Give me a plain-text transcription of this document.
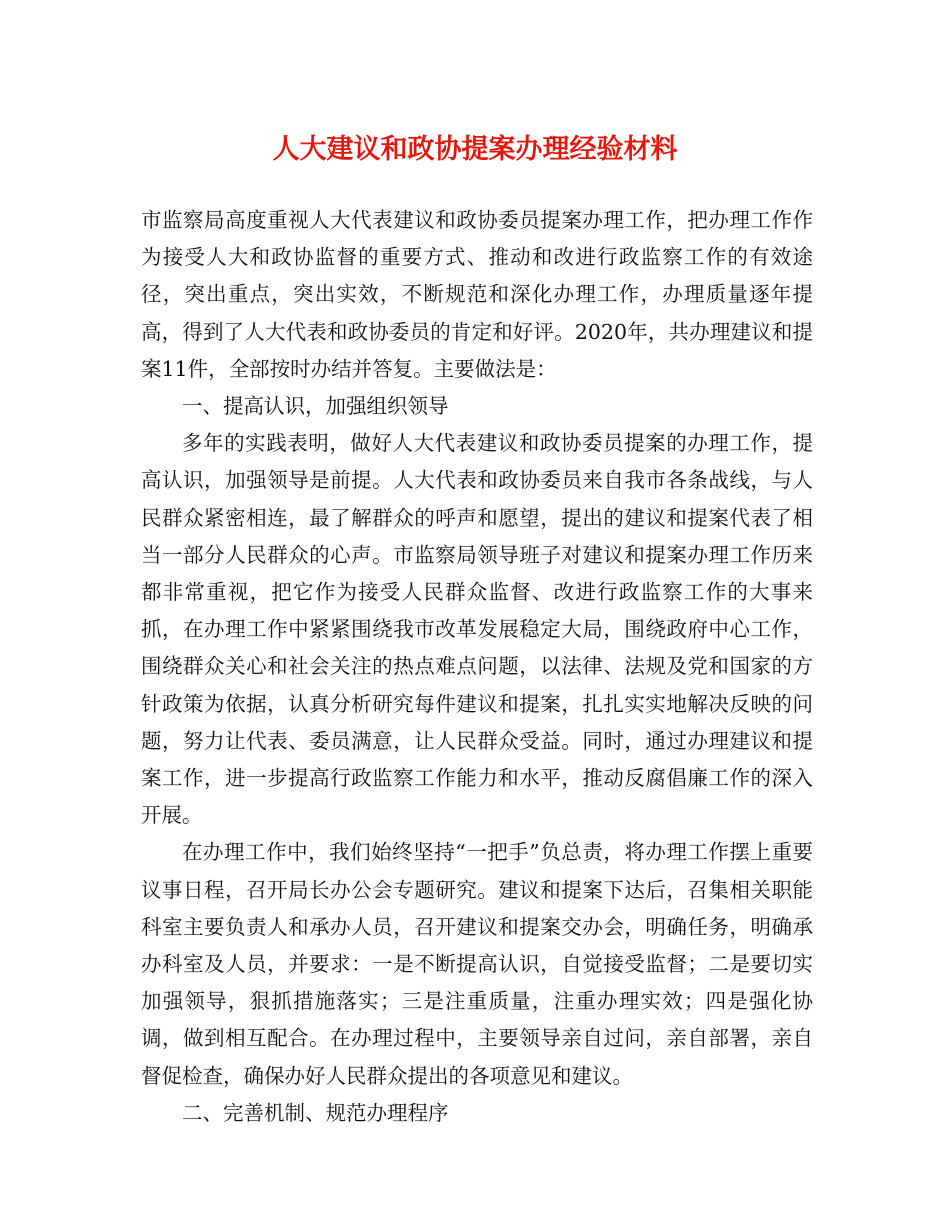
人大建议和政协提案办理经验材料

市监察局高度重视人大代表建议和政协委员提案办理工作，把办理工作作为接受人大和政协监督的重要方式、推动和改进行政监察工作的有效途径，突出重点，突出实效，不断规范和深化办理工作，办理质量逐年提高，得到了人大代表和政协委员的肯定和好评。2020年，共办理建议和提案11件，全部按时办结并答复。主要做法是：

一、提高认识，加强组织领导

多年的实践表明，做好人大代表建议和政协委员提案的办理工作，提高认识，加强领导是前提。人大代表和政协委员来自我市各条战线，与人民群众紧密相连，最了解群众的呼声和愿望，提出的建议和提案代表了相当一部分人民群众的心声。市监察局领导班子对建议和提案办理工作历来都非常重视，把它作为接受人民群众监督、改进行政监察工作的大事来抓，在办理工作中紧紧围绕我市改革发展稳定大局，围绕政府中心工作，围绕群众关心和社会关注的热点难点问题，以法律、法规及党和国家的方针政策为依据，认真分析研究每件建议和提案，扎扎实实地解决反映的问题，努力让代表、委员满意，让人民群众受益。同时，通过办理建议和提案工作，进一步提高行政监察工作能力和水平，推动反腐倡廉工作的深入开展。

在办理工作中，我们始终坚持“一把手”负总责，将办理工作摆上重要议事日程，召开局长办公会专题研究。建议和提案下达后，召集相关职能科室主要负责人和承办人员，召开建议和提案交办会，明确任务，明确承办科室及人员，并要求：一是不断提高认识，自觉接受监督；二是要切实加强领导，狠抓措施落实；三是注重质量，注重办理实效；四是强化协调，做到相互配合。在办理过程中，主要领导亲自过问，亲自部署，亲自督促检查，确保办好人民群众提出的各项意见和建议。

二、完善机制、规范办理程序
